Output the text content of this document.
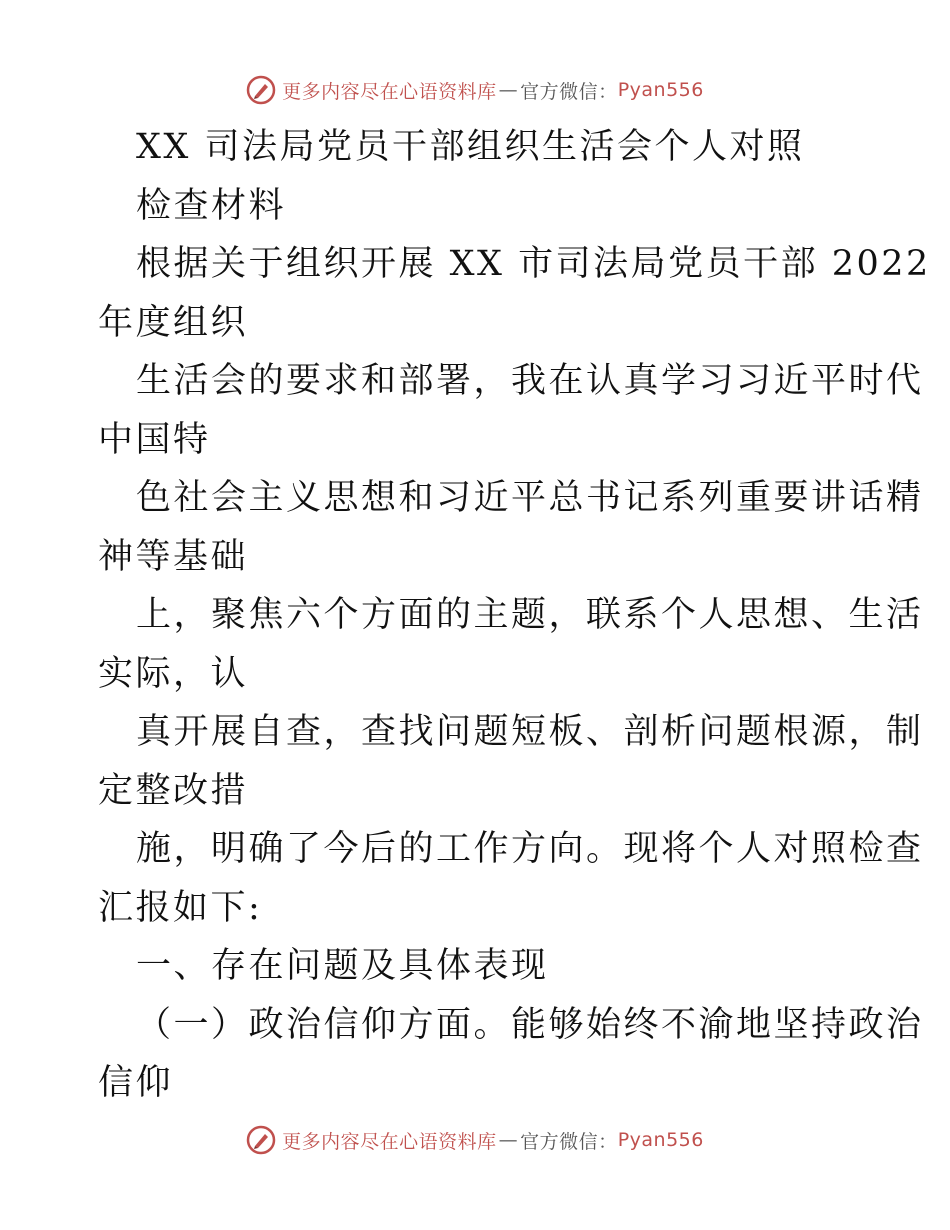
更多内容尽在心语资料库 — 官方微信： Pyan556
XX 司法局党员干部组织生活会个人对照
检查材料
根据关于组织开展 XX 市司法局党员干部 2022
年度组织
生活会的要求和部署，我在认真学习习近平时代
中国特
色社会主义思想和习近平总书记系列重要讲话精
神等基础
上，聚焦六个方面的主题，联系个人思想、生活
实际，认
真开展自查，查找问题短板、剖析问题根源，制
定整改措
施，明确了今后的工作方向。现将个人对照检查
汇报如下:
一、存在问题及具体表现
（一）政治信仰方面。能够始终不渝地坚持政治
信仰
更多内容尽在心语资料库 — 官方微信： Pyan556
